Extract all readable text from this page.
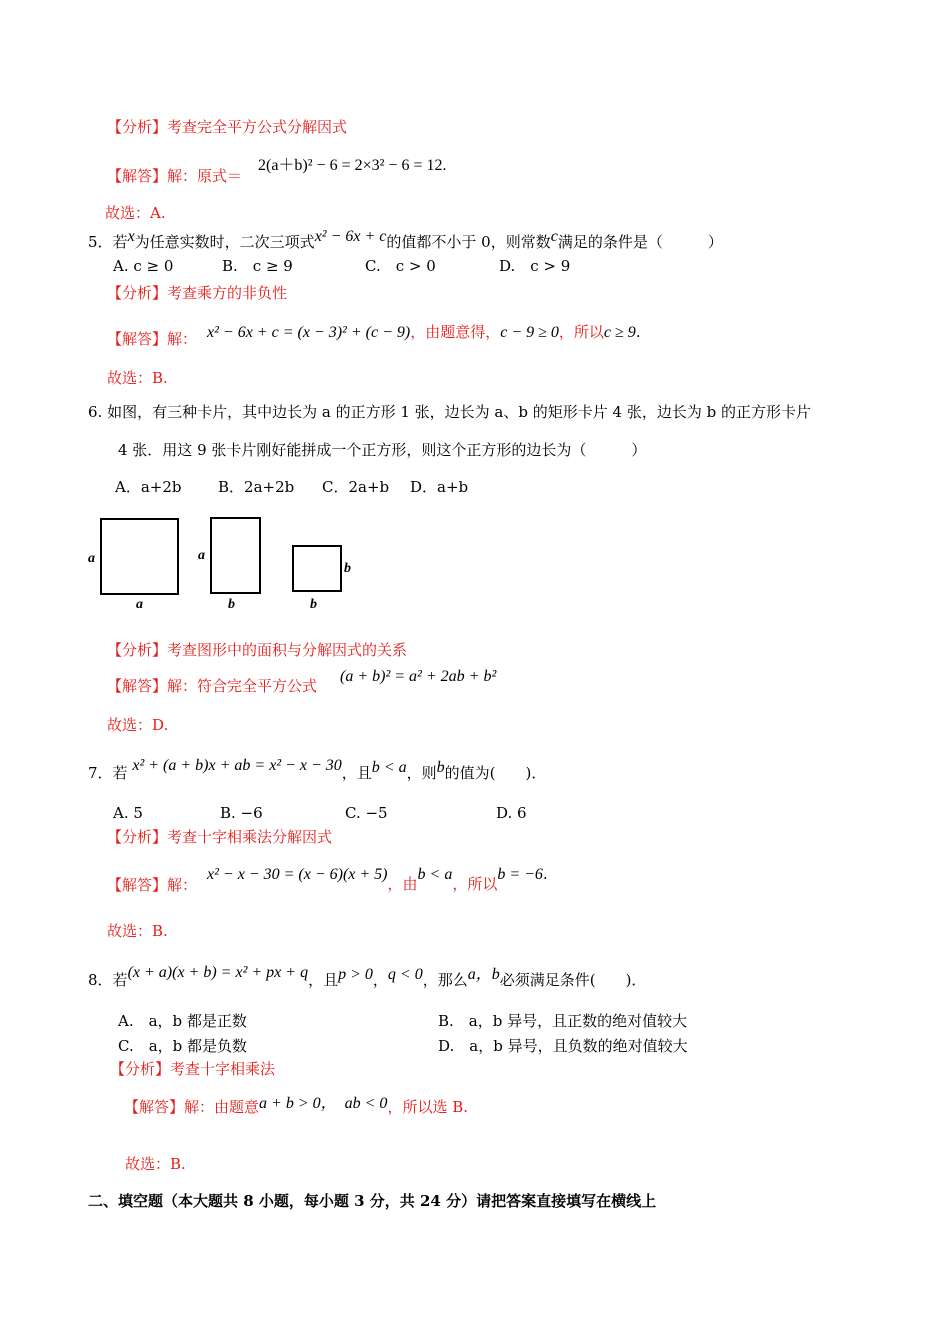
【分析】考查完全平方公式分解因式
【解答】解：原式＝
2(a＋b)² − 6 = 2×3² − 6 = 12.
故选：A.
5．若x为任意实数时，二次三项式x² − 6x + c的值都不小于 0，则常数c满足的条件是（　　　）
A. c ≥ 0	B.　c ≥ 9	C.　c > 0	D.　c > 9
【分析】考查乘方的非负性
【解答】解： x² − 6x + c = (x − 3)² + (c − 9)，由题意得，c − 9 ≥ 0，所以c ≥ 9.
故选：B.
6. 如图，有三种卡片，其中边长为 a 的正方形 1 张，边长为 a、b 的矩形卡片 4 张，边长为 b 的正方形卡片
4 张．用这 9 张卡片刚好能拼成一个正方形，则这个正方形的边长为（　　　）
A．a+2b B．2a+2b C．2a+b D．a+b
a
a
a
b
b
b
【分析】考查图形中的面积与分解因式的关系
【解答】解：符合完全平方公式
(a + b)² = a² + 2ab + b²
故选：D.
7．若 x² + (a + b)x + ab = x² − x − 30，且b < a，则b的值为(　　)．
A. 5	B. −6	C. −5	D. 6
【分析】考查十字相乘法分解因式
【解答】解：
x² − x − 30 = (x − 6)(x + 5)，由b < a，所以b = −6.
故选：B.
8．若(x + a)(x + b) = x² + px + q，且p > 0，q < 0，那么a，b必须满足条件(　　)．
A.　a，b 都是正数	B.　a，b 异号，且正数的绝对值较大
C.　a，b 都是负数	D.　a，b 异号，且负数的绝对值较大
【分析】考查十字相乘法
【解答】解：由题意a + b > 0，　ab < 0，所以选 B.
故选：B.
二、填空题（本大题共 8 小题，每小题 3 分，共 24 分）请把答案直接填写在横线上
